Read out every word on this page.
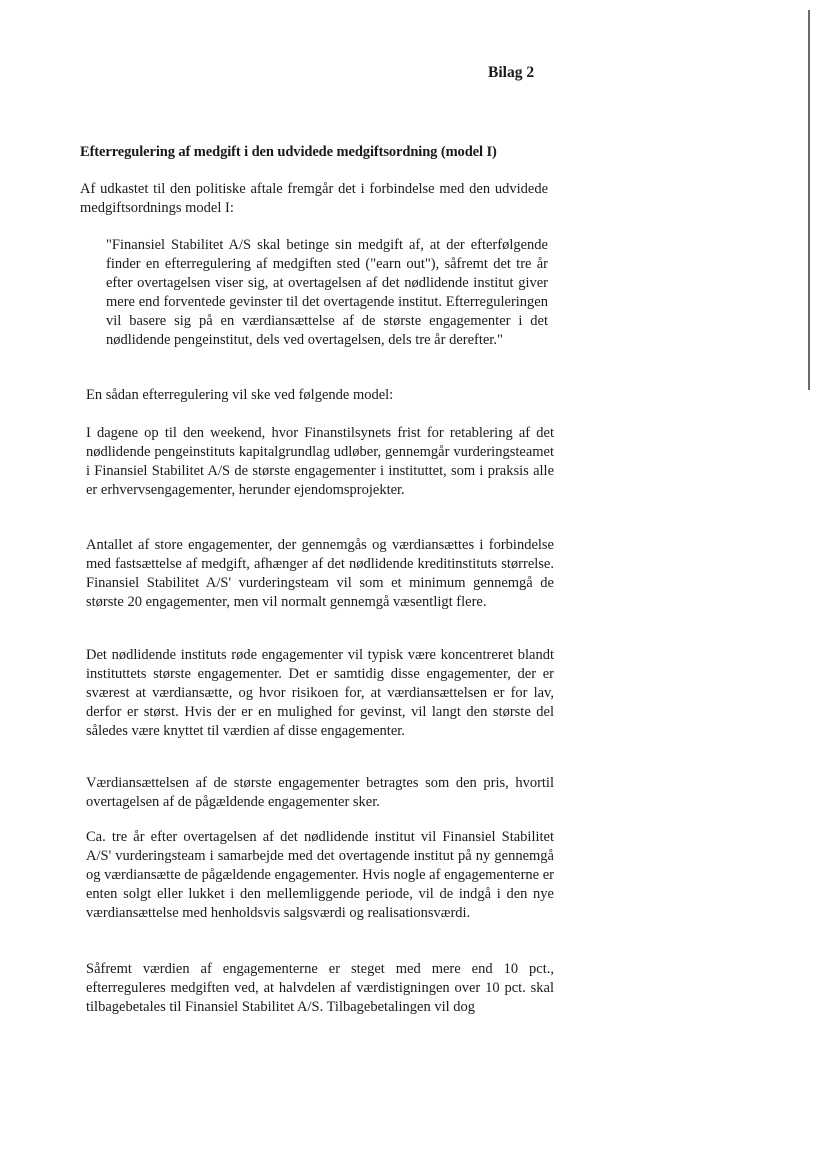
Bilag 2
Efterregulering af medgift i den udvidede medgiftsordning (model I)
Af udkastet til den politiske aftale fremgår det i forbindelse med den udvidede medgiftsordnings model I:
"Finansiel Stabilitet A/S skal betinge sin medgift af, at der efterfølgende finder en efterregulering af medgiften sted ("earn out"), såfremt det tre år efter overtagelsen viser sig, at overtagelsen af det nødlidende institut giver mere end forventede gevinster til det overtagende institut. Efterreguleringen vil basere sig på en værdiansættelse af de største engagementer i det nødlidende pengeinstitut, dels ved overtagelsen, dels tre år derefter."
En sådan efterregulering vil ske ved følgende model:
I dagene op til den weekend, hvor Finanstilsynets frist for retablering af det nødlidende pengeinstituts kapitalgrundlag udløber, gennemgår vurderingsteamet i Finansiel Stabilitet A/S de største engagementer i instituttet, som i praksis alle er erhvervsengagementer, herunder ejendomsprojekter.
Antallet af store engagementer, der gennemgås og værdiansættes i forbindelse med fastsættelse af medgift, afhænger af det nødlidende kreditinstituts størrelse. Finansiel Stabilitet A/S' vurderingsteam vil som et minimum gennemgå de største 20 engagementer, men vil normalt gennemgå væsentligt flere.
Det nødlidende instituts røde engagementer vil typisk være koncentreret blandt instituttets største engagementer. Det er samtidig disse engagementer, der er sværest at værdiansætte, og hvor risikoen for, at værdiansættelsen er for lav, derfor er størst. Hvis der er en mulighed for gevinst, vil langt den største del således være knyttet til værdien af disse engagementer.
Værdiansættelsen af de største engagementer betragtes som den pris, hvortil overtagelsen af de pågældende engagementer sker.
Ca. tre år efter overtagelsen af det nødlidende institut vil Finansiel Stabilitet A/S' vurderingsteam i samarbejde med det overtagende institut på ny gennemgå og værdiansætte de pågældende engagementer. Hvis nogle af engagementerne er enten solgt eller lukket i den mellemliggende periode, vil de indgå i den nye værdiansættelse med henholdsvis salgsværdi og realisationsværdi.
Såfremt værdien af engagementerne er steget med mere end 10 pct., efterreguleres medgiften ved, at halvdelen af værdistigningen over 10 pct. skal tilbagebetales til Finansiel Stabilitet A/S. Tilbagebetalingen vil dog
